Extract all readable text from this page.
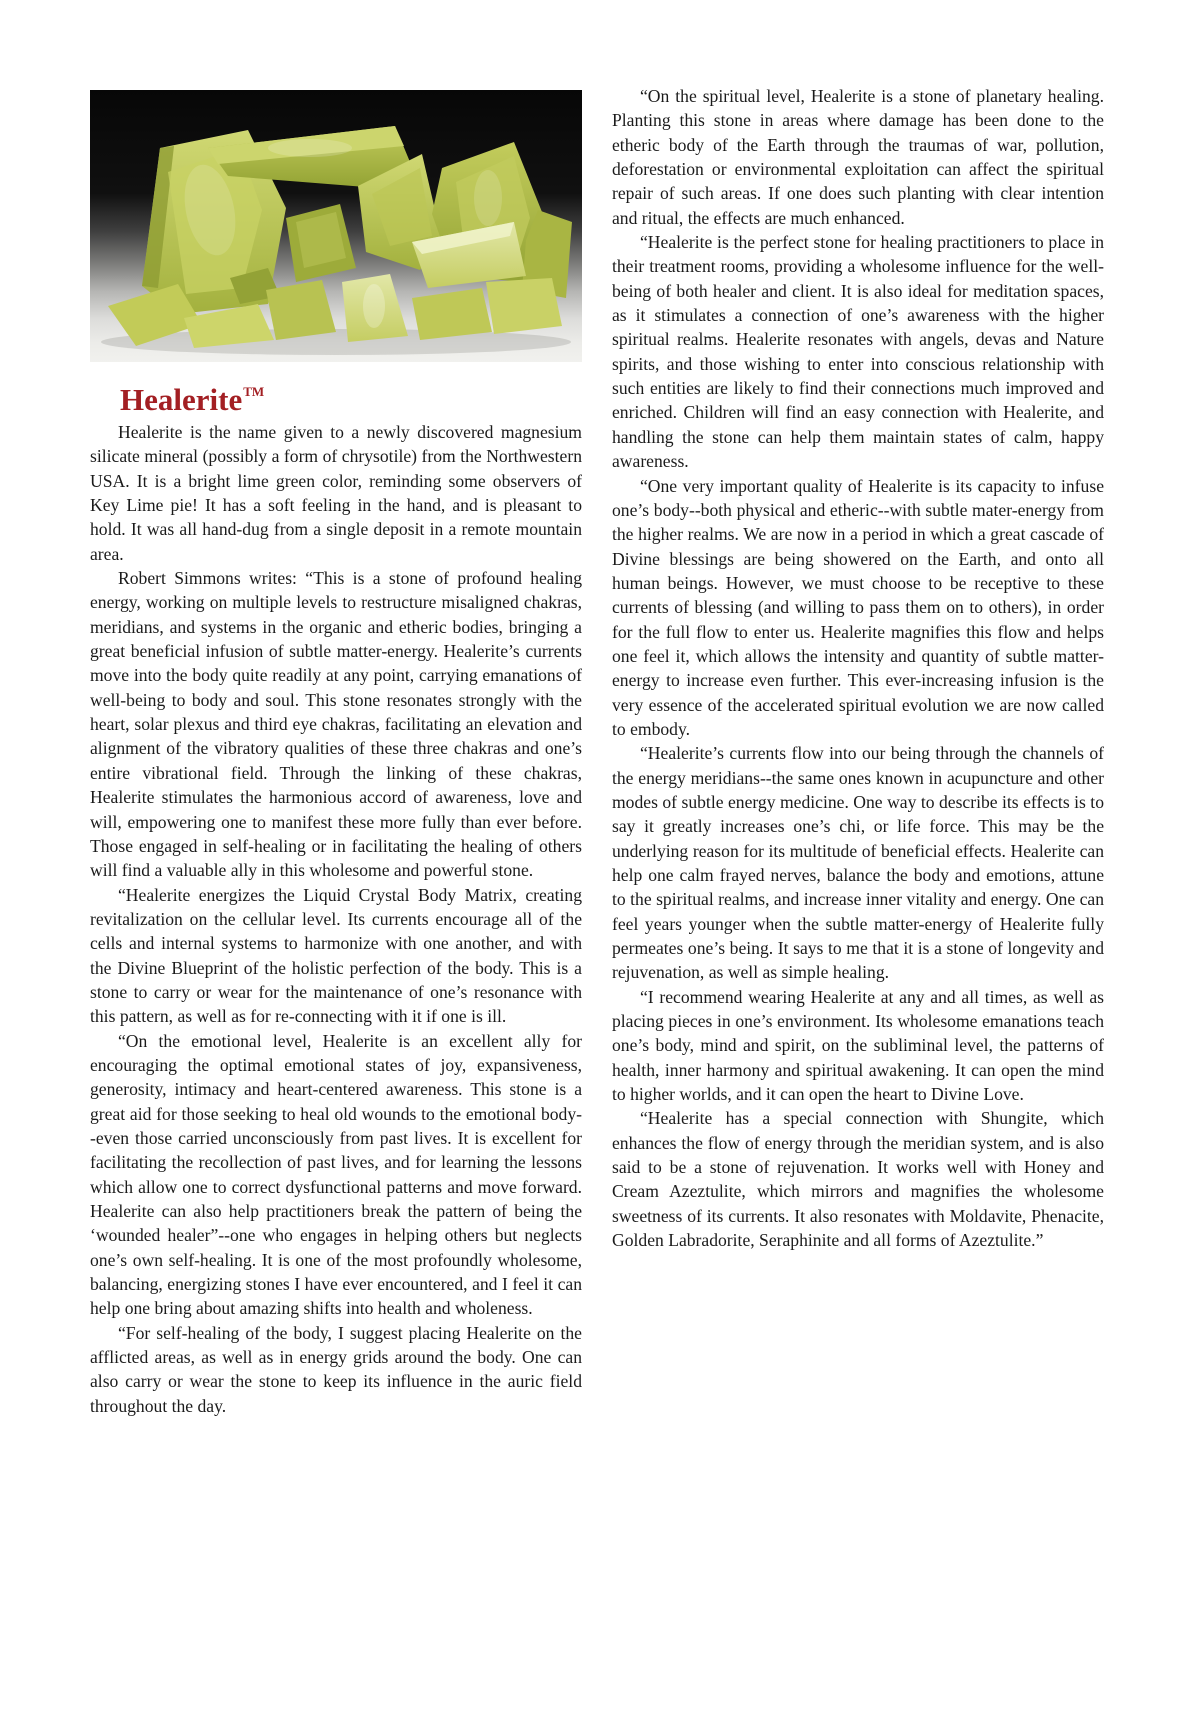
Healerite™

Healerite is the name given to a newly discovered magnesium silicate mineral (possibly a form of chrysotile) from the Northwestern USA. It is a bright lime green color, reminding some observers of Key Lime pie! It has a soft feeling in the hand, and is pleasant to hold. It was all hand-dug from a single deposit in a remote mountain area.

Robert Simmons writes: “This is a stone of profound healing energy, working on multiple levels to restructure misaligned chakras, meridians, and systems in the organic and etheric bodies, bringing a great beneficial infusion of subtle matter-energy. Healerite’s currents move into the body quite readily at any point, carrying emanations of well-being to body and soul. This stone resonates strongly with the heart, solar plexus and third eye chakras, facilitating an elevation and alignment of the vibratory qualities of these three chakras and one’s entire vibrational field. Through the linking of these chakras, Healerite stimulates the harmonious accord of awareness, love and will, empowering one to manifest these more fully than ever before. Those engaged in self-healing or in facilitating the healing of others will find a valuable ally in this wholesome and powerful stone.

“Healerite energizes the Liquid Crystal Body Matrix, creating revitalization on the cellular level. Its currents encourage all of the cells and internal systems to harmonize with one another, and with the Divine Blueprint of the holistic perfection of the body. This is a stone to carry or wear for the maintenance of one’s resonance with this pattern, as well as for re-connecting with it if one is ill.

“On the emotional level, Healerite is an excellent ally for encouraging the optimal emotional states of joy, expansiveness, generosity, intimacy and heart-centered awareness. This stone is a great aid for those seeking to heal old wounds to the emotional body--even those carried unconsciously from past lives. It is excellent for facilitating the recollection of past lives, and for learning the lessons which allow one to correct dysfunctional patterns and move forward. Healerite can also help practitioners break the pattern of being the ‘wounded healer”--one who engages in helping others but neglects one’s own self-healing. It is one of the most profoundly wholesome, balancing, energizing stones I have ever encountered, and I feel it can help one bring about amazing shifts into health and wholeness.

“For self-healing of the body, I suggest placing Healerite on the afflicted areas, as well as in energy grids around the body. One can also carry or wear the stone to keep its influence in the auric field throughout the day.

“On the spiritual level, Healerite is a stone of planetary healing. Planting this stone in areas where damage has been done to the etheric body of the Earth through the traumas of war, pollution, deforestation or environmental exploitation can affect the spiritual repair of such areas. If one does such planting with clear intention and ritual, the effects are much enhanced.

“Healerite is the perfect stone for healing practitioners to place in their treatment rooms, providing a wholesome influence for the well-being of both healer and client. It is also ideal for meditation spaces, as it stimulates a connection of one’s awareness with the higher spiritual realms. Healerite resonates with angels, devas and Nature spirits, and those wishing to enter into conscious relationship with such entities are likely to find their connections much improved and enriched. Children will find an easy connection with Healerite, and handling the stone can help them maintain states of calm, happy awareness.

“One very important quality of Healerite is its capacity to infuse one’s body--both physical and etheric--with subtle mater-energy from the higher realms. We are now in a period in which a great cascade of Divine blessings are being showered on the Earth, and onto all human beings. However, we must choose to be receptive to these currents of blessing (and willing to pass them on to others), in order for the full flow to enter us. Healerite magnifies this flow and helps one feel it, which allows the intensity and quantity of subtle matter-energy to increase even further. This ever-increasing infusion is the very essence of the accelerated spiritual evolution we are now called to embody.

“Healerite’s currents flow into our being through the channels of the energy meridians--the same ones known in acupuncture and other modes of subtle energy medicine. One way to describe its effects is to say it greatly increases one’s chi, or life force. This may be the underlying reason for its multitude of beneficial effects. Healerite can help one calm frayed nerves, balance the body and emotions, attune to the spiritual realms, and increase inner vitality and energy. One can feel years younger when the subtle matter-energy of Healerite fully permeates one’s being. It says to me that it is a stone of longevity and rejuvenation, as well as simple healing.

“I recommend wearing Healerite at any and all times, as well as placing pieces in one’s environment. Its wholesome emanations teach one’s body, mind and spirit, on the subliminal level, the patterns of health, inner harmony and spiritual awakening. It can open the mind to higher worlds, and it can open the heart to Divine Love.

“Healerite has a special connection with Shungite, which enhances the flow of energy through the meridian system, and is also said to be a stone of rejuvenation. It works well with Honey and Cream Azeztulite, which mirrors and magnifies the wholesome sweetness of its currents. It also resonates with Moldavite, Phenacite, Golden Labradorite, Seraphinite and all forms of Azeztulite.”
